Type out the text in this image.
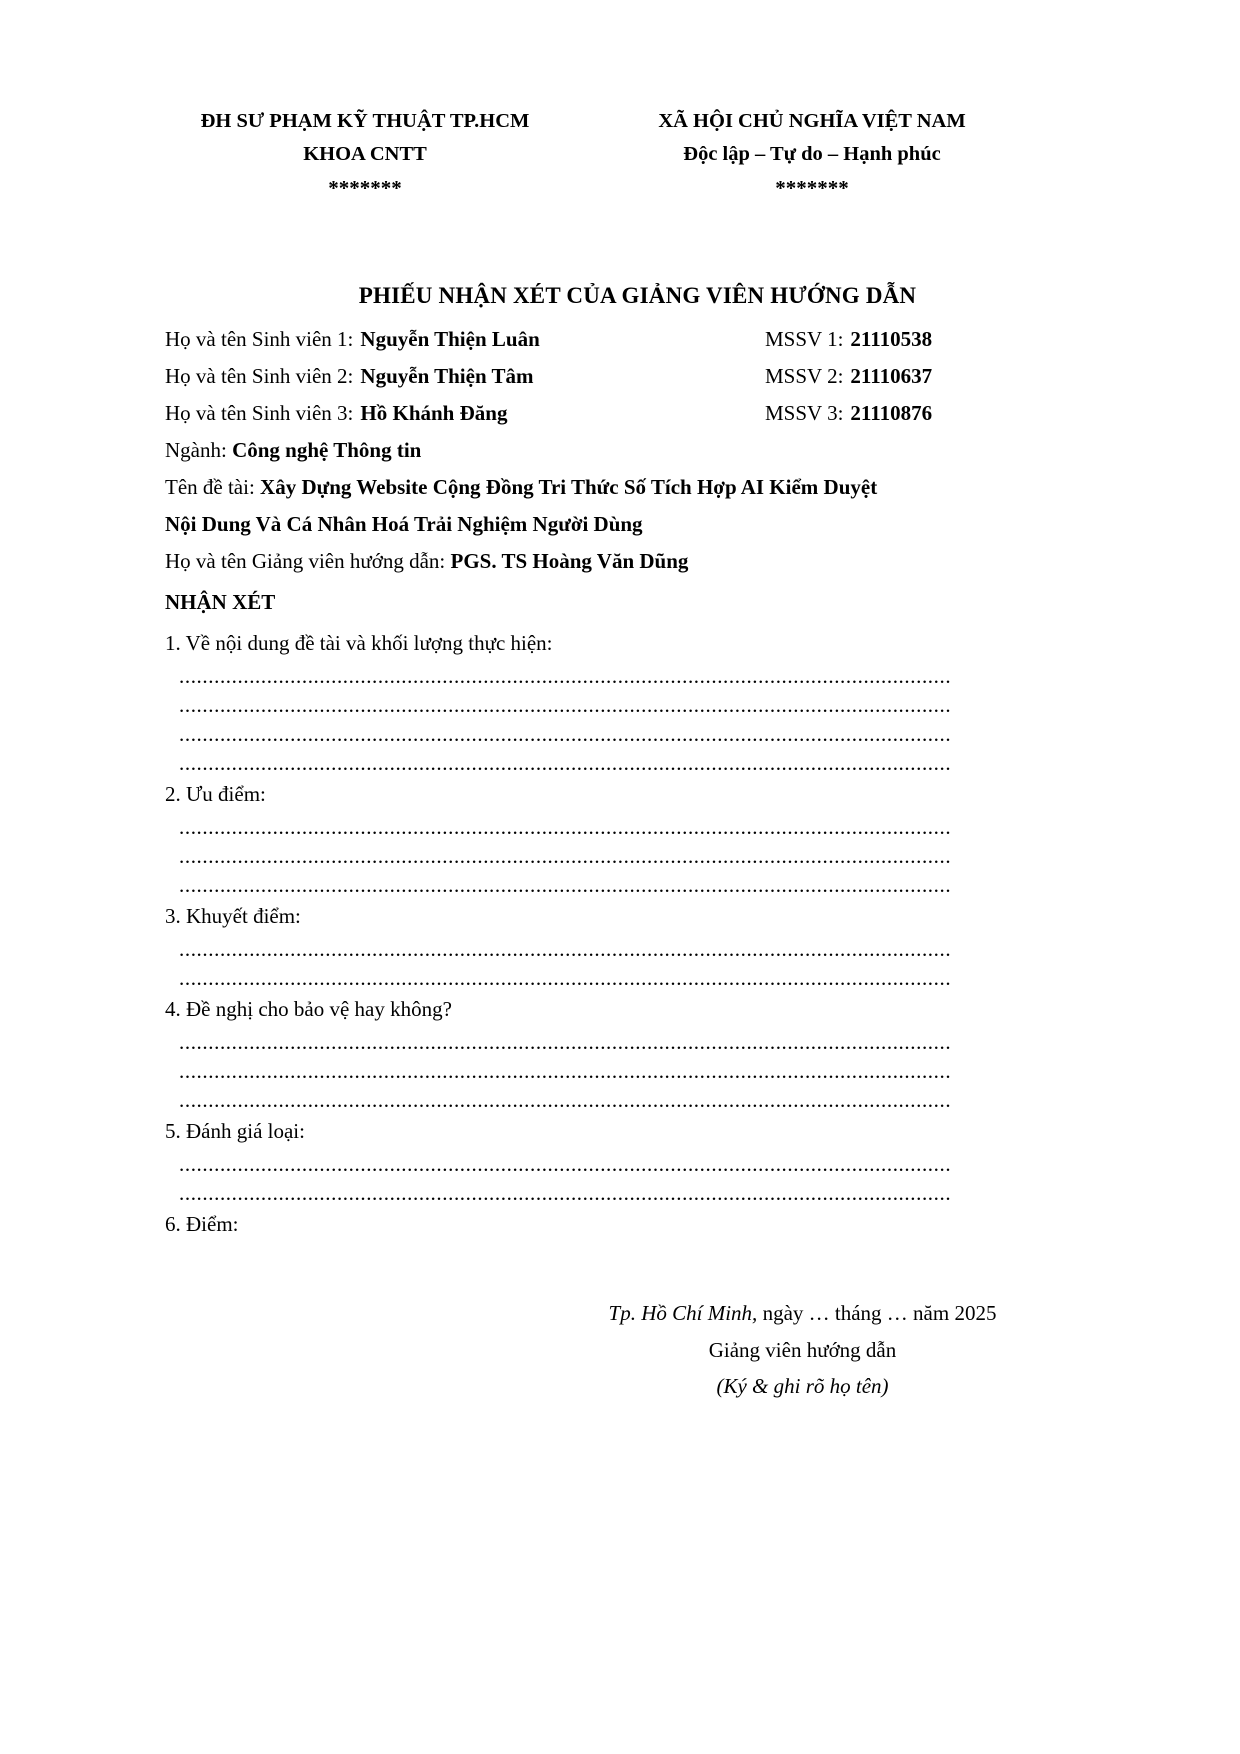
ĐH SƯ PHẠM KỸ THUẬT TP.HCM
KHOA CNTT
*******
XÃ HỘI CHỦ NGHĨA VIỆT NAM
Độc lập – Tự do – Hạnh phúc
*******
PHIẾU NHẬN XÉT CỦA GIẢNG VIÊN HƯỚNG DẪN
Họ và tên Sinh viên 1: Nguyễn Thiện Luân	MSSV 1: 21110538
Họ và tên Sinh viên 2: Nguyễn Thiện Tâm	MSSV 2: 21110637
Họ và tên Sinh viên 3: Hồ Khánh Đăng	MSSV 3: 21110876
Ngành: Công nghệ Thông tin
Tên đề tài: Xây Dựng Website Cộng Đồng Tri Thức Số Tích Hợp AI Kiểm Duyệt
Nội Dung Và Cá Nhân Hoá Trải Nghiệm Người Dùng
Họ và tên Giảng viên hướng dẫn: PGS. TS Hoàng Văn Dũng
NHẬN XÉT
1. Về nội dung đề tài và khối lượng thực hiện:
....................................................................................................................................
....................................................................................................................................
....................................................................................................................................
....................................................................................................................................
2. Ưu điểm:
....................................................................................................................................
....................................................................................................................................
....................................................................................................................................
3. Khuyết điểm:
....................................................................................................................................
....................................................................................................................................
4. Đề nghị cho bảo vệ hay không?
....................................................................................................................................
....................................................................................................................................
....................................................................................................................................
5. Đánh giá loại:
....................................................................................................................................
....................................................................................................................................
6. Điểm:
Tp. Hồ Chí Minh, ngày … tháng … năm 2025
Giảng viên hướng dẫn
(Ký & ghi rõ họ tên)
